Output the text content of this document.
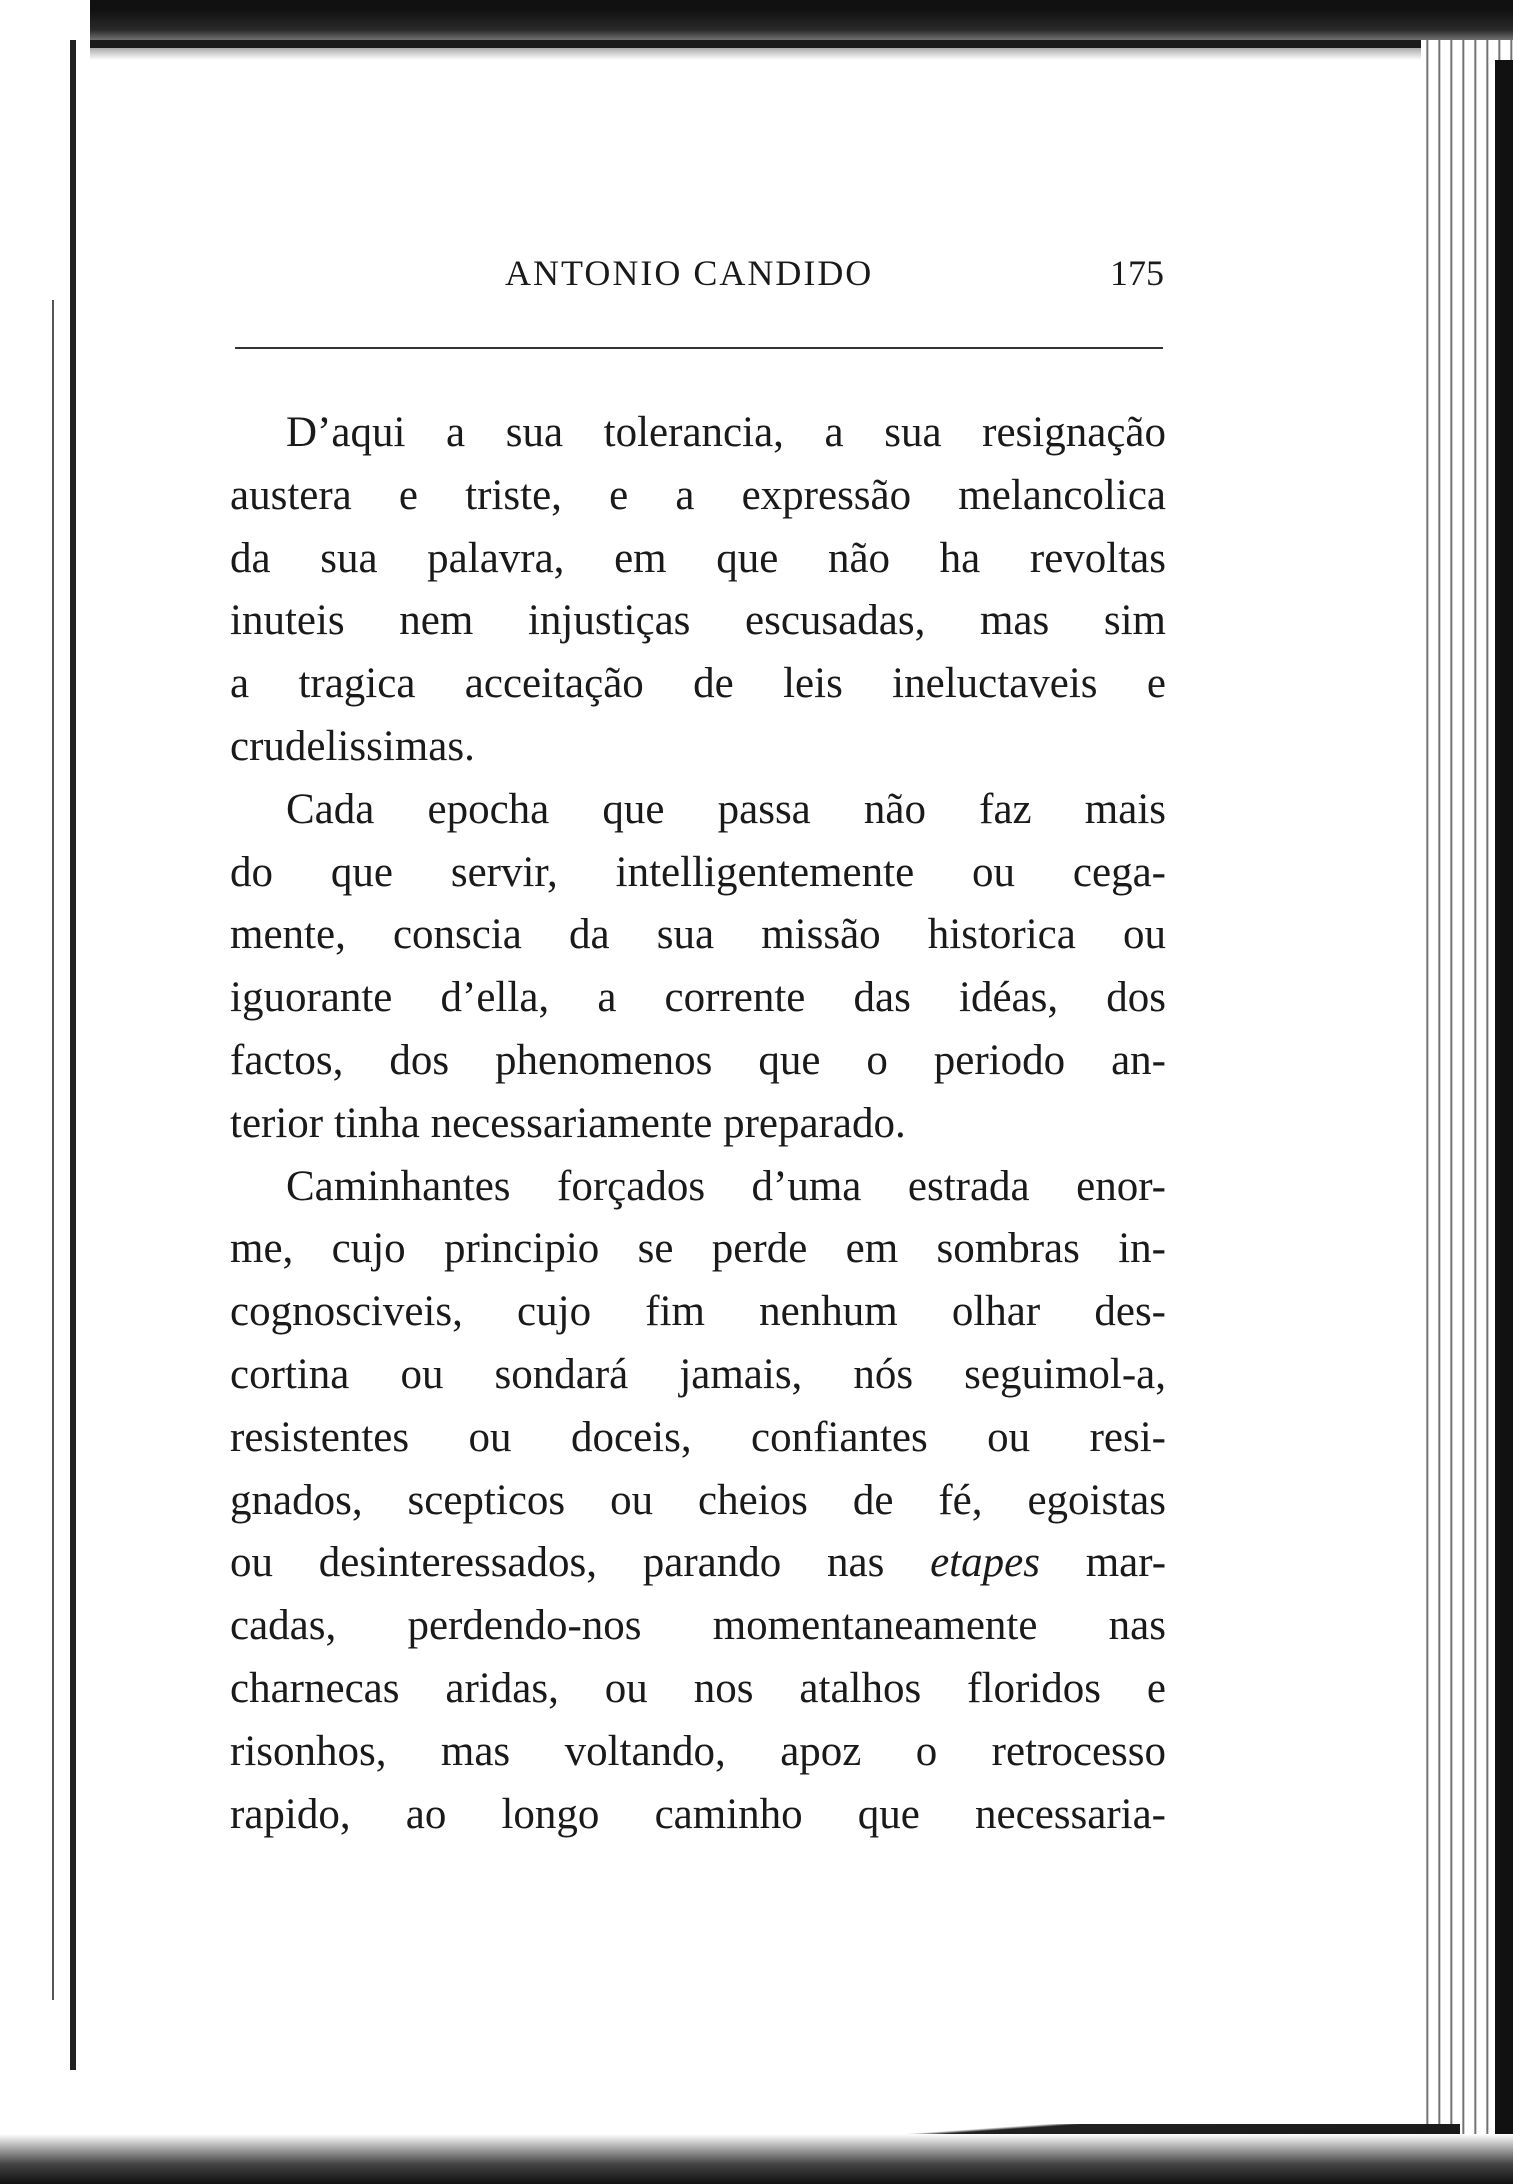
ANTONIO CANDIDO	175
D’aqui a sua tolerancia, a sua resignação
austera e triste, e a expressão melancolica
da sua palavra, em que não ha revoltas
inuteis nem injustiças escusadas, mas sim
a tragica acceitação de leis ineluctaveis e
crudelissimas.
Cada epocha que passa não faz mais
do que servir, intelligentemente ou cega-
mente, conscia da sua missão historica ou
iguorante d’ella, a corrente das idéas, dos
factos, dos phenomenos que o periodo an-
terior tinha necessariamente preparado.
Caminhantes forçados d’uma estrada enor-
me, cujo principio se perde em sombras in-
cognosciveis, cujo fim nenhum olhar des-
cortina ou sondará jamais, nós seguimol-a,
resistentes ou doceis, confiantes ou resi-
gnados, scepticos ou cheios de fé, egoistas
ou desinteressados, parando nas etapes mar-
cadas, perdendo-nos momentaneamente nas
charnecas aridas, ou nos atalhos floridos e
risonhos, mas voltando, apoz o retrocesso
rapido, ao longo caminho que necessaria-
